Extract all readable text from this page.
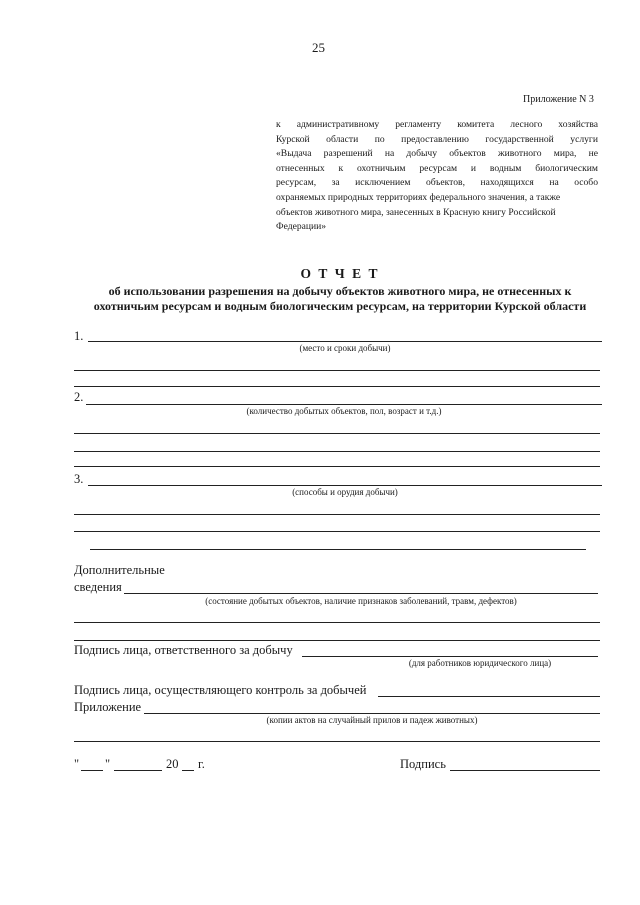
25
Приложение N 3
к административному регламенту комитета лесного хозяйства
Курской области по предоставлению государственной услуги
«Выдача разрешений на добычу объектов животного мира, не
отнесенных к охотничьим ресурсам и водным биологическим
ресурсам, за исключением объектов, находящихся на особо
охраняемых природных территориях федерального значения, а также
объектов животного мира, занесенных в Красную книгу Российской
Федерации»
О Т Ч Е Т
об использовании разрешения на добычу объектов животного мира, не отнесенных к
охотничьим ресурсам и водным биологическим ресурсам, на территории Курской области
1.
(место и сроки добычи)
2.
(количество добытых объектов, пол, возраст и т.д.)
3.
(способы и орудия добычи)
Дополнительные
сведения
(состояние добытых объектов, наличие признаков заболеваний, травм, дефектов)
Подпись лица, ответственного за добычу
(для работников юридического лица)
Подпись лица, осуществляющего контроль за добычей
Приложение
(копии актов на случайный прилов и падеж животных)
" "	20 г.	Подпись
